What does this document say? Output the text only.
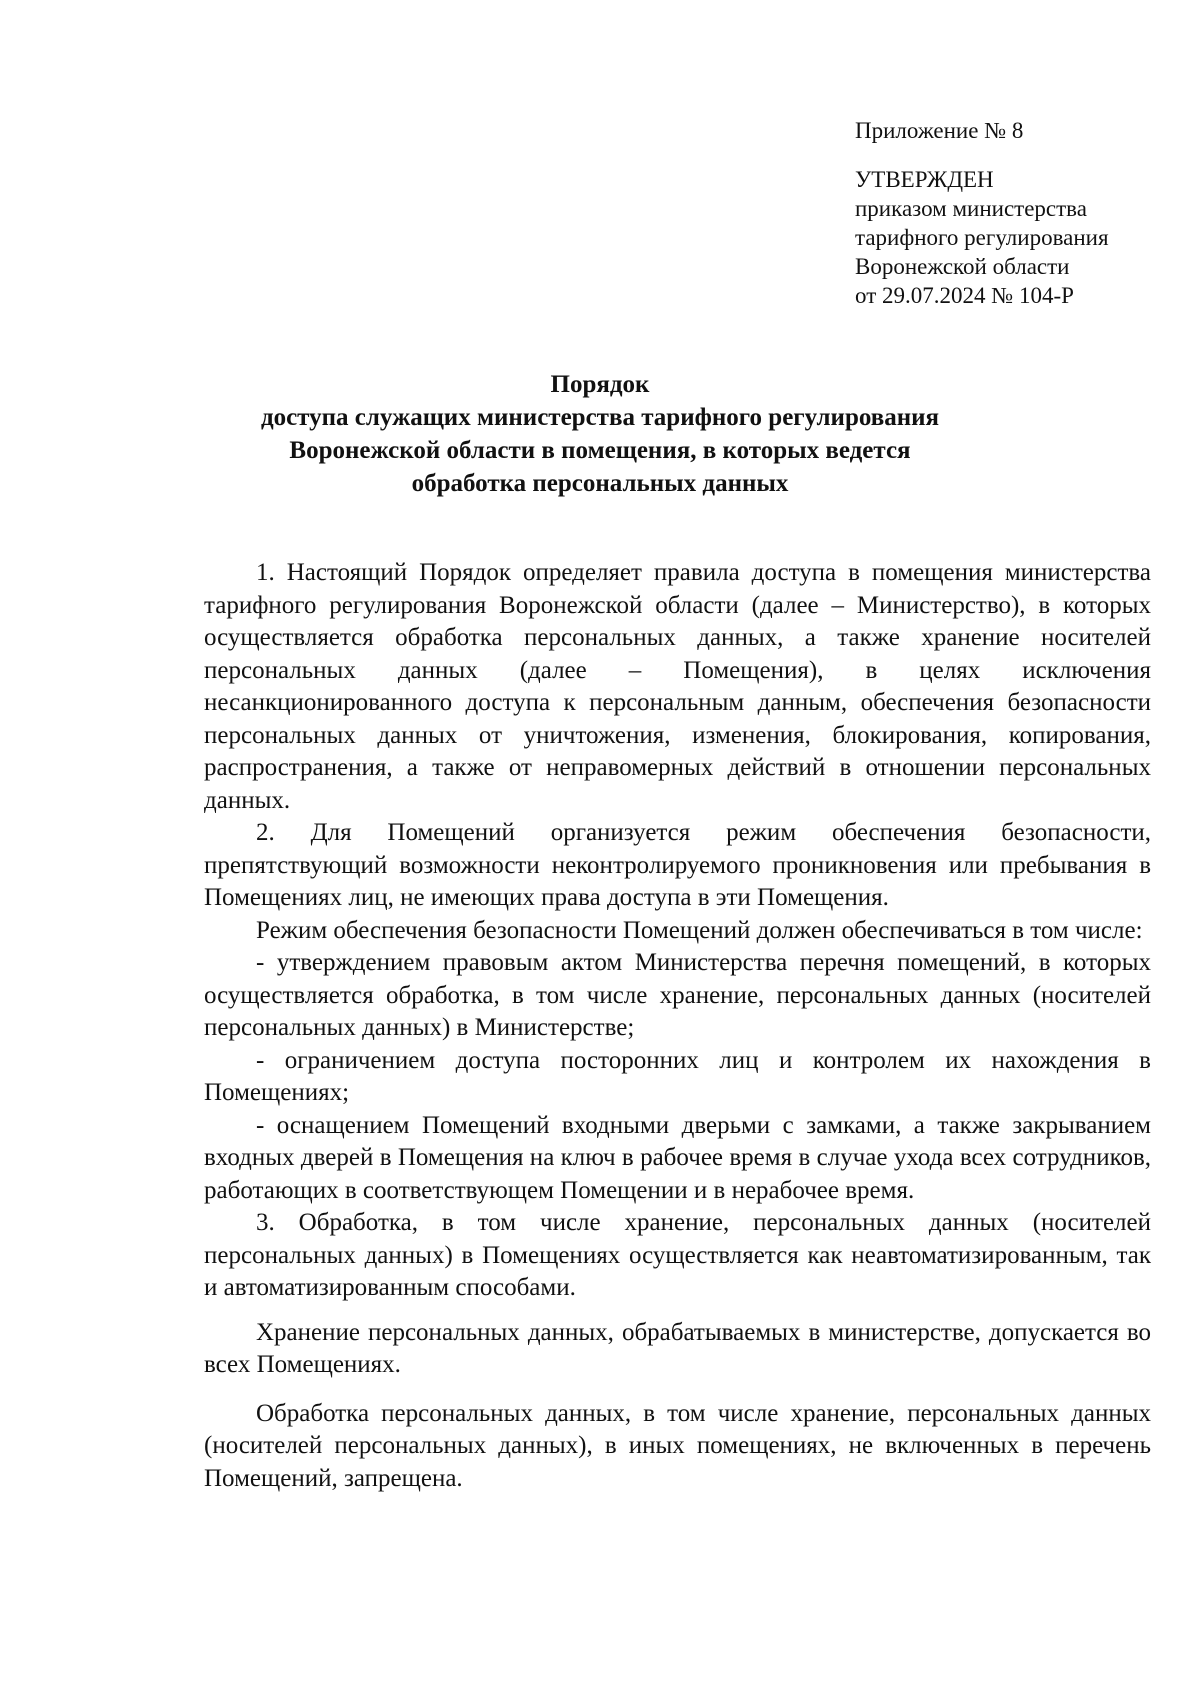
Приложение № 8
УТВЕРЖДЕН
приказом министерства
тарифного регулирования
Воронежской области
от 29.07.2024 № 104-Р
Порядок
доступа служащих министерства тарифного регулирования
Воронежской области в помещения, в которых ведется
обработка персональных данных

1. Настоящий Порядок определяет правила доступа в помещения министерства тарифного регулирования Воронежской области (далее – Министерство), в которых осуществляется обработка персональных данных, а также хранение носителей персональных данных (далее – Помещения), в целях исключения несанкционированного доступа к персональным данным, обеспечения безопасности персональных данных от уничтожения, изменения, блокирования, копирования, распространения, а также от неправомерных действий в отношении персональных данных.

2. Для Помещений организуется режим обеспечения безопасности, препятствующий возможности неконтролируемого проникновения или пребывания в Помещениях лиц, не имеющих права доступа в эти Помещения.

Режим обеспечения безопасности Помещений должен обеспечиваться в том числе:

- утверждением правовым актом Министерства перечня помещений, в которых осуществляется обработка, в том числе хранение, персональных данных (носителей персональных данных) в Министерстве;

- ограничением доступа посторонних лиц и контролем их нахождения в Помещениях;

- оснащением Помещений входными дверьми с замками, а также закрыванием входных дверей в Помещения на ключ в рабочее время в случае ухода всех сотрудников, работающих в соответствующем Помещении и в нерабочее время.

3. Обработка, в том числе хранение, персональных данных (носителей персональных данных) в Помещениях осуществляется как неавтоматизированным, так и автоматизированным способами.

Хранение персональных данных, обрабатываемых в министерстве, допускается во всех Помещениях.

Обработка персональных данных, в том числе хранение, персональных данных (носителей персональных данных), в иных помещениях, не включенных в перечень Помещений, запрещена.
